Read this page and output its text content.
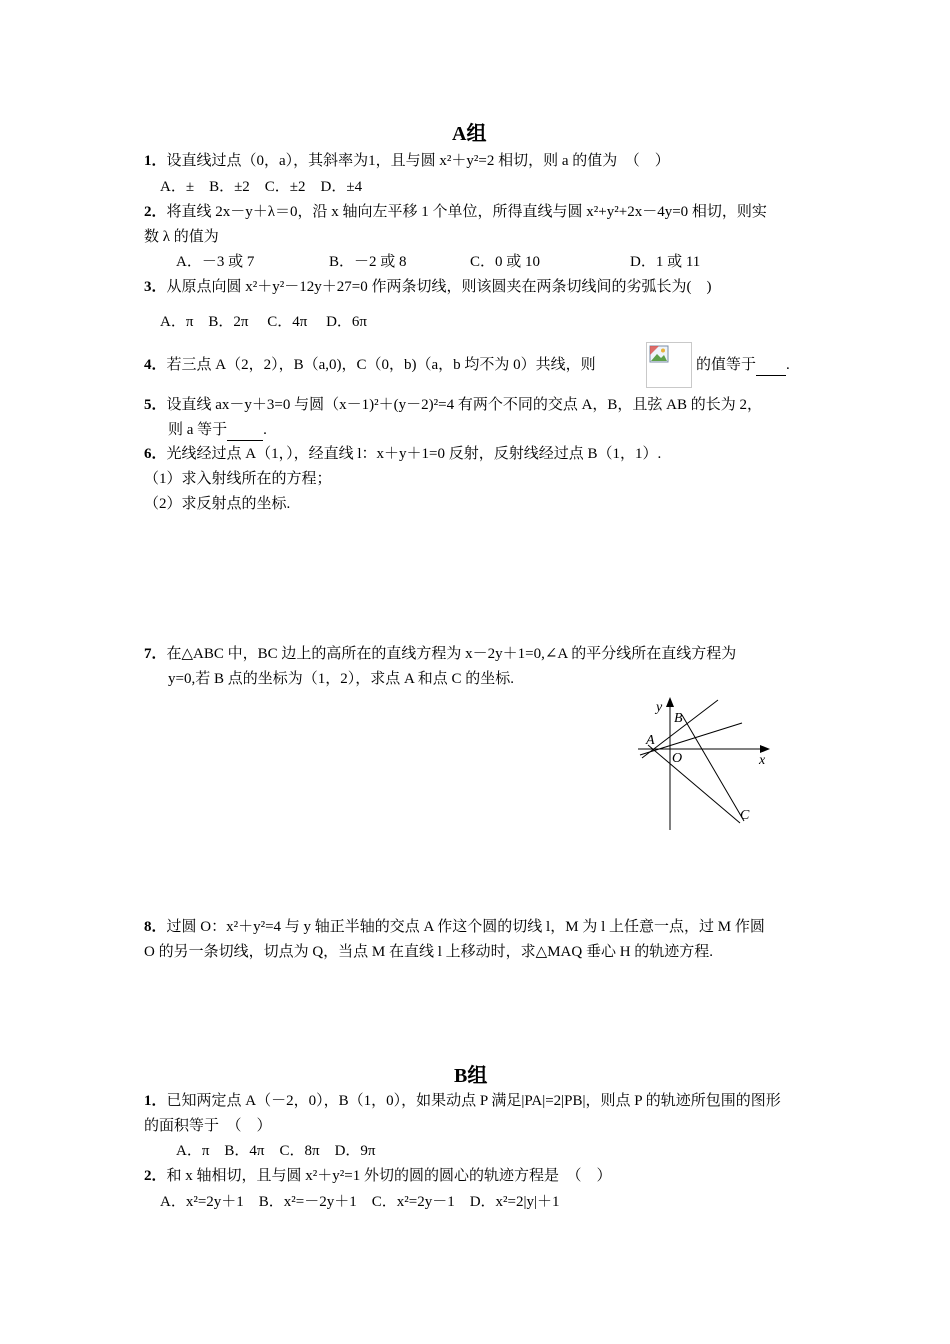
A组
1．设直线过点（0，a），其斜率为1，且与圆 x²＋y²=2 相切，则 a 的值为　（　）
A．±　B．±2　C．±2　D．±4
2．将直线 2x－y＋λ＝0，沿 x 轴向左平移 1 个单位，所得直线与圆 x²+y²+2x－4y=0 相切，则实
数 λ 的值为
A．－3 或 7	B．－2 或 8	C．0 或 10	D．1 或 11
3．从原点向圆 x²＋y²－12y＋27=0 作两条切线，则该圆夹在两条切线间的劣弧长为(　)
A．π　B．2π　 C．4π　 D．6π
4．若三点 A（2，2），B（a,0)，C（0，b)（a，b 均不为 0）共线，则	的值等于 .
5．设直线 ax－y＋3=0 与圆（x－1)²＋(y－2)²=4 有两个不同的交点 A，B，且弦 AB 的长为 2，
则 a 等于 .
6．光线经过点 A（1，），经直线 l：x＋y＋1=0 反射，反射线经过点 B（1，1）.
（1）求入射线所在的方程；
（2）求反射点的坐标.
7．在△ABC 中，BC 边上的高所在的直线方程为 x－2y＋1=0,∠A 的平分线所在直线方程为
y=0,若 B 点的坐标为（1，2），求点 A 和点 C 的坐标.
y
B
A
O	x
C
8．过圆 O：x²＋y²=4 与 y 轴正半轴的交点 A 作这个圆的切线 l，M 为 l 上任意一点，过 M 作圆
O 的另一条切线，切点为 Q，当点 M 在直线 l 上移动时，求△MAQ 垂心 H 的轨迹方程.
B组
1．已知两定点 A（－2，0），B（1，0），如果动点 P 满足|PA|=2|PB|，则点 P 的轨迹所包围的图形
的面积等于　（　）
A．π　B．4π　C．8π　D．9π
2．和 x 轴相切，且与圆 x²＋y²=1 外切的圆的圆心的轨迹方程是　（　）
A．x²=2y＋1　B．x²=－2y＋1　C．x²=2y－1　D．x²=2|y|＋1
